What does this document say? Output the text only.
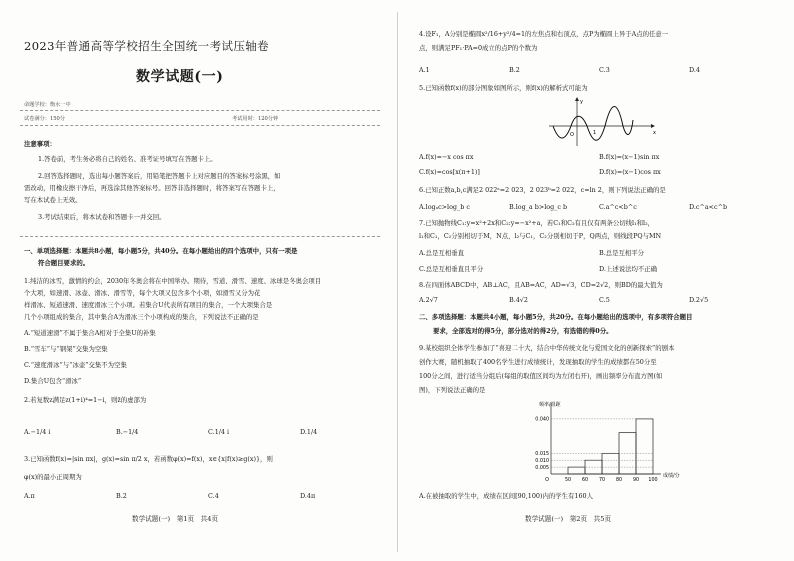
2023年普通高等学校招生全国统一考试压轴卷
数学试题(一)
命题学校：衡水一中
试卷满分：150分	考试用时：120分钟
注意事项：
1.答卷前，考生务必将自己的姓名、准考证号填写在答题卡上。
2.回答选择题时，选出每小题答案后，用铅笔把答题卡上对应题目的答案标号涂黑，如
需改动，用橡皮擦干净后，再选涂其他答案标号。回答非选择题时，将答案写在答题卡上，
写在本试卷上无效。
3.考试结束后，将本试卷和答题卡一并交回。
一、单项选择题：本题共8小题，每小题5分，共40分。在每小题给出的四个选项中，只有一项是
符合题目要求的。
1.纯洁的冰雪，激情的约会，2030年冬奥会将在中国举办。期待，雪道、滑雪、速度、冰球是冬奥会项目
个大项，如速滑、冰壶、滑冰、滑雪等，每个大项又包含多个小项，如滑雪又分为花
样滑冰、短道速滑、速度滑冰三个小项。若集合U代表所有项目的集合，一个大项集合是
几个小项组成的集合，其中集合A为滑冰三个小项构成的集合，下列说法不正确的是
A.“短道速滑”不属于集合A相对于全集U的补集
B.“雪车”与“钢架”交集为空集
C.“速度滑冰”与“冰壶”交集不为空集
D.集合U包含“滑冰”
2.若复数z满足z(1+i)⁴=1−i，则z̄的虚部为
A.−1/4 i	B.−1/4	C.1/4 i	D.1/4
3.已知函数f(x)=|sin πx|，g(x)=sin π/2 x，若函数φ(x)=f(x)，x∈{x|f(x)≥g(x)}，则
φ(x)的最小正周期为
A.π	B.2	C.4	D.4π
数学试题(一)　第1页　共4页
4.设F₁，A分别是椭圆x²/16+y²/4=1的左焦点和右顶点，点P为椭圆上异于A点的任意一
点，则满足PF₁·PA=0成立的点P的个数为
A.1	B.2	C.3	D.4
5.已知函数f(x)的部分图象如图所示，则f(x)的解析式可能为
O	x
y
1
A.f(x)=−x cos πx	B.f(x)=(x−1)sin πx
C.f(x)=cos[x(π+1)]	D.f(x)=(x−1)cos πx
6.已知正数a,b,c满足2 022ᵃ=2 023，2 023ᵇ=2 022，c=ln 2，则下列说法正确的是
A.logₐc>log_b c	B.log_a b>log_c b	C.a^c<b^c	D.c^a<c^b
7.已知抛物线C₁:y=x²+2x和C₂:y=−x²+a，若C₁和C₂有且仅有两条公切线l₁和l₂，
l₁和C₁，C₂分别相切于M，N点，l₂与C₁，C₂分别相切于P，Q两点，则线段PQ与MN
A.总是互相垂直	B.总是互相平分
C.总是互相垂直且平分	D.上述说法均不正确
8.在四面体ABCD中，AB⊥AC，且AB=AC，AD=√3，CD=2√2，则BD的最大值为
A.2√7	B.4√2	C.5	D.2√5
二、多项选择题：本题共4小题，每小题5分，共20分。在每小题给出的选项中，有多项符合题目
要求，全部选对的得5分，部分选对的得2分，有选错的得0分。
9.某校组织全体学生参加了“喜迎二十大，结合中华传统文化与爱国文化的创新探索”的剧本
创作大赛，随机抽取了400名学生进行成绩统计，发现抽取的学生的成绩都在50分至
100分之间，进行适当分组后(每组的取值区间均为左闭右开)，画出频率分布直方图(如
图)，下列说法正确的是
频率/组距
成绩/分
0.005
0.010
0.015
0.040
O	50 60 70 80 90 100
A.在被抽取的学生中，成绩在区间[90,100)内的学生有160人
数学试题(一)　第2页　共5页
